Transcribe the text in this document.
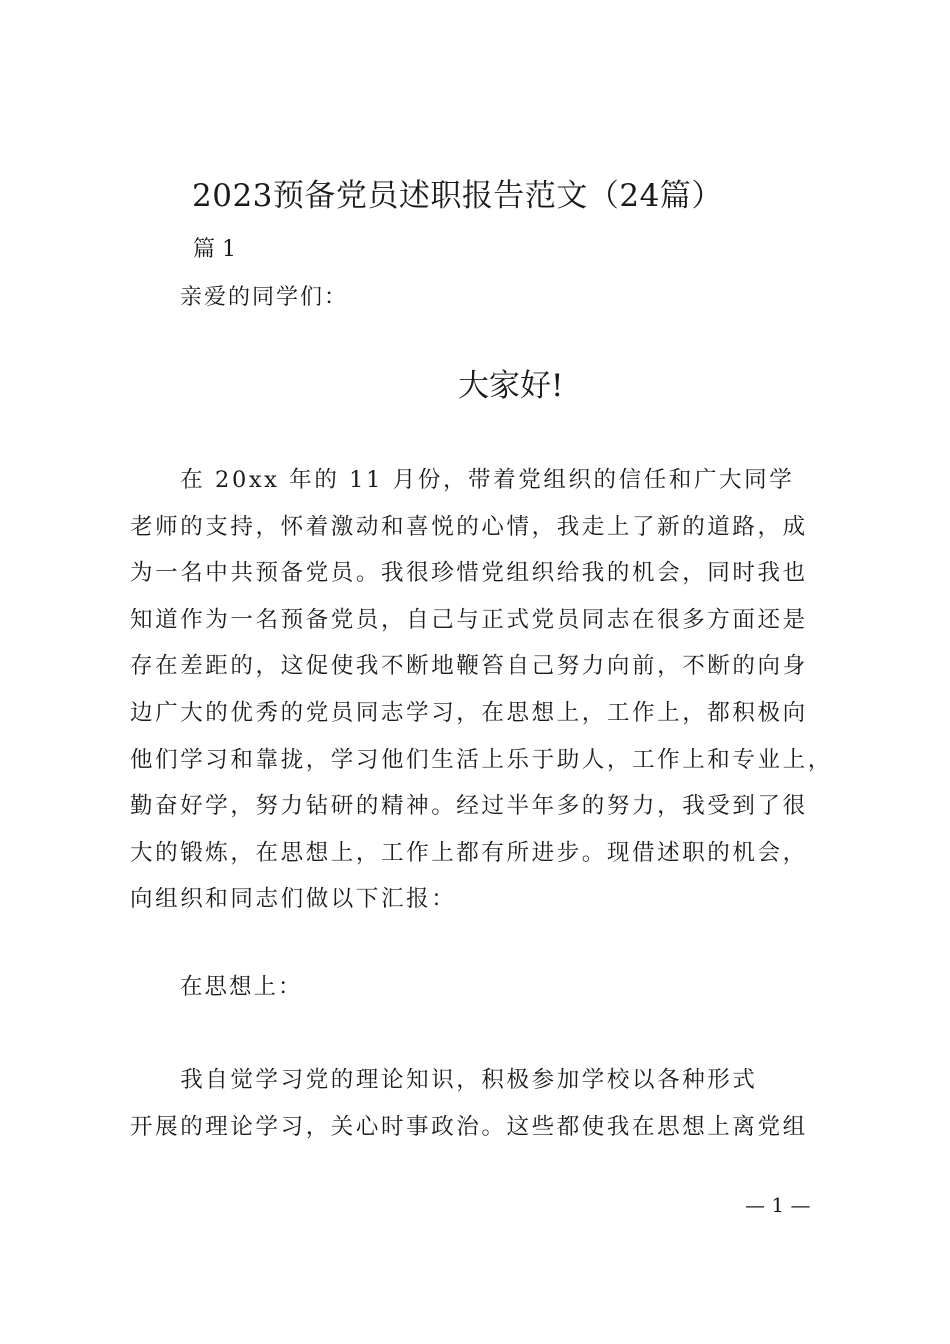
2023预备党员述职报告范文（24篇）
篇 1
亲爱的同学们：
大家好!
　　在 20xx 年的 11 月份，带着党组织的信任和广大同学
老师的支持，怀着激动和喜悦的心情，我走上了新的道路，成
为一名中共预备党员。我很珍惜党组织给我的机会，同时我也
知道作为一名预备党员，自己与正式党员同志在很多方面还是
存在差距的，这促使我不断地鞭笞自己努力向前，不断的向身
边广大的优秀的党员同志学习，在思想上，工作上，都积极向
他们学习和靠拢，学习他们生活上乐于助人，工作上和专业上，
勤奋好学，努力钻研的精神。经过半年多的努力，我受到了很
大的锻炼，在思想上，工作上都有所进步。现借述职的机会，
向组织和同志们做以下汇报：
在思想上：
　　我自觉学习党的理论知识，积极参加学校以各种形式
开展的理论学习，关心时事政治。这些都使我在思想上离党组
— 1 —
